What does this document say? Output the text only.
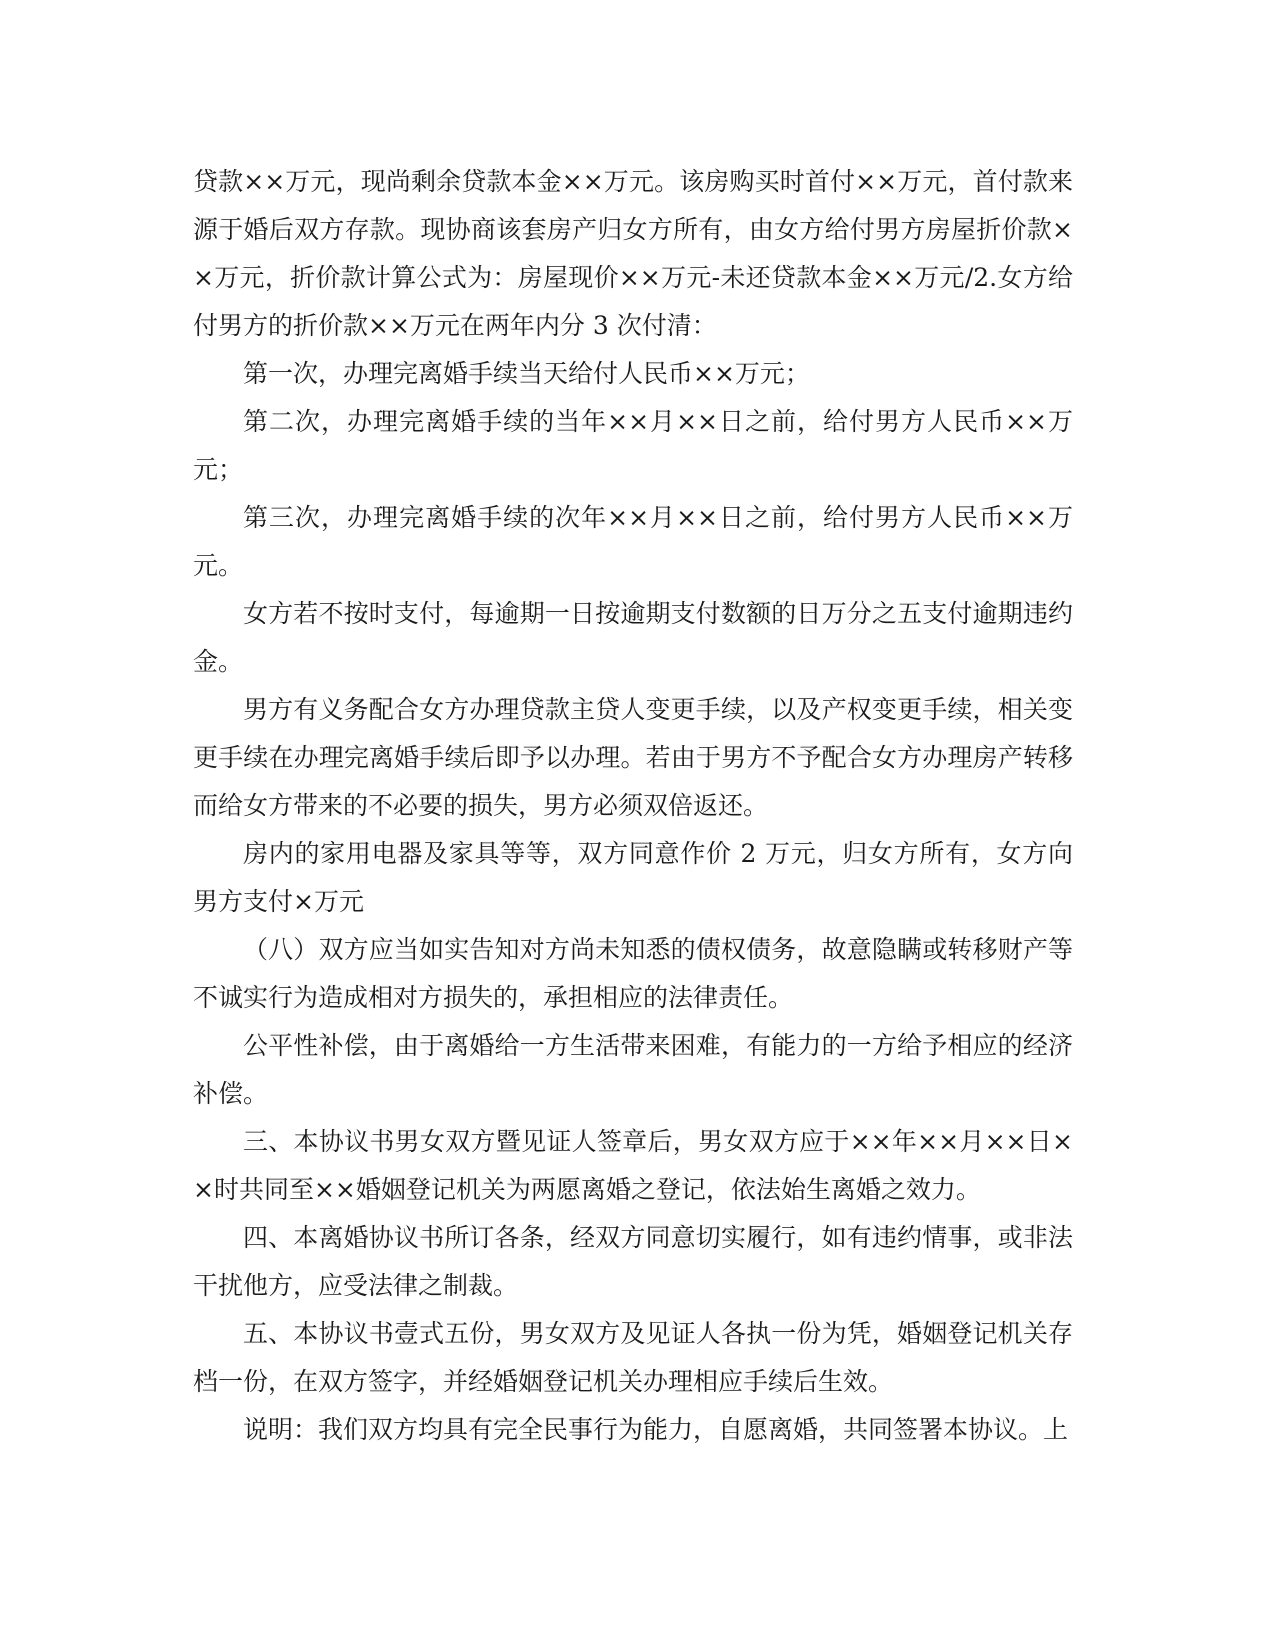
贷款××万元，现尚剩余贷款本金××万元。该房购买时首付××万元，首付款来源于婚后双方存款。现协商该套房产归女方所有，由女方给付男方房屋折价款××万元，折价款计算公式为：房屋现价××万元-未还贷款本金××万元/2.女方给付男方的折价款××万元在两年内分 3 次付清：

第一次，办理完离婚手续当天给付人民币××万元；

第二次，办理完离婚手续的当年××月××日之前，给付男方人民币××万元；

第三次，办理完离婚手续的次年××月××日之前，给付男方人民币××万元。

女方若不按时支付，每逾期一日按逾期支付数额的日万分之五支付逾期违约金。

男方有义务配合女方办理贷款主贷人变更手续，以及产权变更手续，相关变更手续在办理完离婚手续后即予以办理。若由于男方不予配合女方办理房产转移而给女方带来的不必要的损失，男方必须双倍返还。

房内的家用电器及家具等等，双方同意作价 2 万元，归女方所有，女方向男方支付×万元

（八）双方应当如实告知对方尚未知悉的债权债务，故意隐瞒或转移财产等不诚实行为造成相对方损失的，承担相应的法律责任。

公平性补偿，由于离婚给一方生活带来困难，有能力的一方给予相应的经济补偿。

三、本协议书男女双方暨见证人签章后，男女双方应于××年××月××日××时共同至××婚姻登记机关为两愿离婚之登记，依法始生离婚之效力。

四、本离婚协议书所订各条，经双方同意切实履行，如有违约情事，或非法干扰他方，应受法律之制裁。

五、本协议书壹式五份，男女双方及见证人各执一份为凭，婚姻登记机关存档一份，在双方签字，并经婚姻登记机关办理相应手续后生效。

说明：我们双方均具有完全民事行为能力，自愿离婚，共同签署本协议。上
